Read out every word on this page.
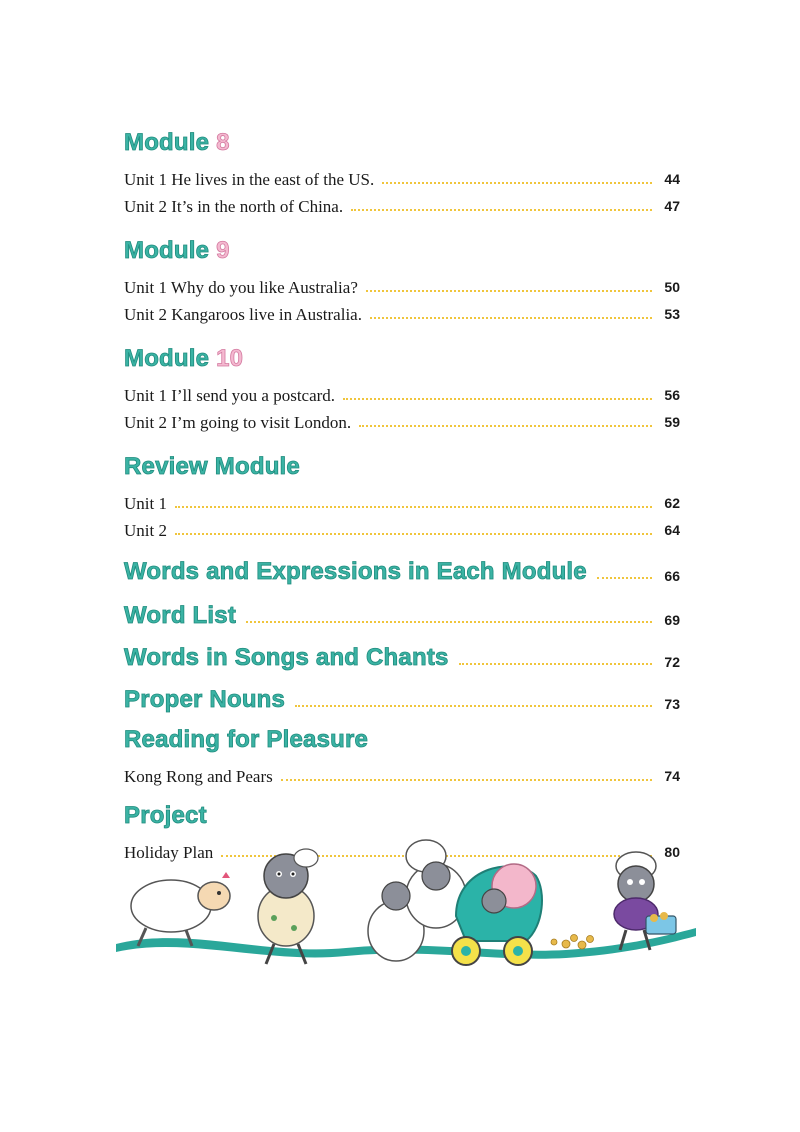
Module 8
Unit 1 He lives in the east of the US.	44
Unit 2 It’s in the north of China.	47
Module 9
Unit 1 Why do you like Australia?	50
Unit 2 Kangaroos live in Australia.	53
Module 10
Unit 1 I’ll send you a postcard.	56
Unit 2 I’m going to visit London.	59
Review Module
Unit 1	62
Unit 2	64
Words and Expressions in Each Module	66
Word List	69
Words in Songs and Chants	72
Proper Nouns	73
Reading for Pleasure
Kong Rong and Pears	74
Project
Holiday Plan	80
